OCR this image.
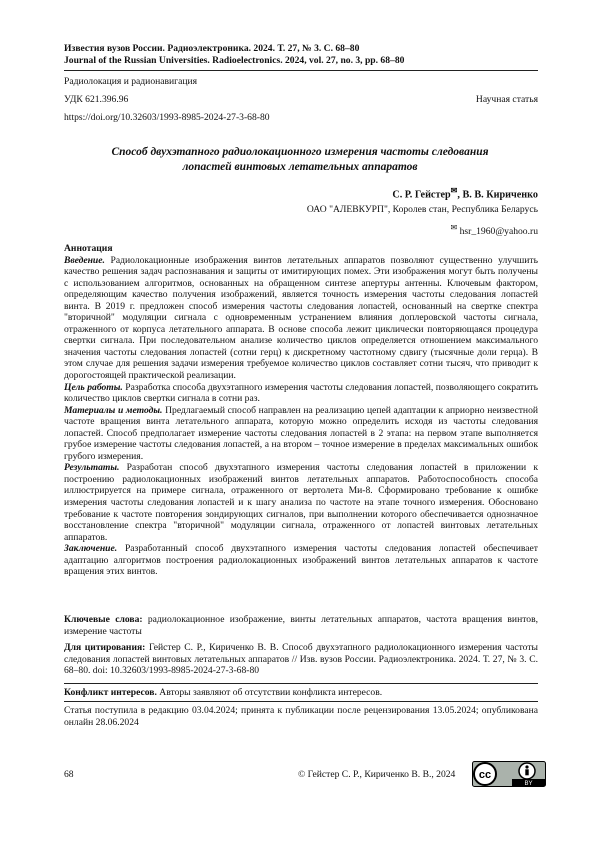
Известия вузов России. Радиоэлектроника. 2024. Т. 27, № 3. С. 68–80
Journal of the Russian Universities. Radioelectronics. 2024, vol. 27, no. 3, pp. 68–80
Радиолокация и радионавигация
УДК 621.396.96	Научная статья
https://doi.org/10.32603/1993-8985-2024-27-3-68-80
Способ двухэтапного радиолокационного измерения частоты следования
лопастей винтовых летательных аппаратов
С. Р. Гейстер✉, В. В. Кириченко
ОАО "АЛЕВКУРП", Королев стан, Республика Беларусь
✉ hsr_1960@yahoo.ru

Аннотация

Введение. Радиолокационные изображения винтов летательных аппаратов позволяют существенно улучшить качество решения задач распознавания и защиты от имитирующих помех. Эти изображения могут быть получены с использованием алгоритмов, основанных на обращенном синтезе апертуры антенны. Ключевым фактором, определяющим качество получения изображений, является точность измерения частоты следования лопастей винта. В 2019 г. предложен способ измерения частоты следования лопастей, основанный на свертке спектра "вторичной" модуляции сигнала с одновременным устранением влияния доплеровской частоты сигнала, отраженного от корпуса летательного аппарата. В основе способа лежит циклически повторяющаяся процедура свертки сигнала. При последовательном анализе количество циклов определяется отношением максимального значения частоты следования лопастей (сотни герц) к дискретному частотному сдвигу (тысячные доли герца). В этом случае для решения задачи измерения требуемое количество циклов составляет сотни тысяч, что приводит к дорогостоящей практической реализации.

Цель работы. Разработка способа двухэтапного измерения частоты следования лопастей, позволяющего сократить количество циклов свертки сигнала в сотни раз.

Материалы и методы. Предлагаемый способ направлен на реализацию цепей адаптации к априорно неизвестной частоте вращения винта летательного аппарата, которую можно определить исходя из частоты следования лопастей. Способ предполагает измерение частоты следования лопастей в 2 этапа: на первом этапе выполняется грубое измерение частоты следования лопастей, а на втором – точное измерение в пределах максимальных ошибок грубого измерения.

Результаты. Разработан способ двухэтапного измерения частоты следования лопастей в приложении к построению радиолокационных изображений винтов летательных аппаратов. Работоспособность способа иллюстрируется на примере сигнала, отраженного от вертолета Ми-8. Сформировано требование к ошибке измерения частоты следования лопастей и к шагу анализа по частоте на этапе точного измерения. Обосновано требование к частоте повторения зондирующих сигналов, при выполнении которого обеспечивается однозначное восстановление спектра "вторичной" модуляции сигнала, отраженного от лопастей винтовых летательных аппаратов.

Заключение. Разработанный способ двухэтапного измерения частоты следования лопастей обеспечивает адаптацию алгоритмов построения радиолокационных изображений винтов летательных аппаратов к частоте вращения этих винтов.

Ключевые слова: радиолокационное изображение, винты летательных аппаратов, частота вращения винтов, измерение частоты

Для цитирования: Гейстер С. Р., Кириченко В. В. Способ двухэтапного радиолокационного измерения частоты следования лопастей винтовых летательных аппаратов // Изв. вузов России. Радиоэлектроника. 2024. Т. 27, № 3. С. 68–80. doi: 10.32603/1993-8985-2024-27-3-68-80

Конфликт интересов. Авторы заявляют об отсутствии конфликта интересов.

Статья поступила в редакцию 03.04.2024; принята к публикации после рецензирования 13.05.2024; опубликована онлайн 28.06.2024
68	© Гейстер С. Р., Кириченко В. В., 2024 cc
BY
